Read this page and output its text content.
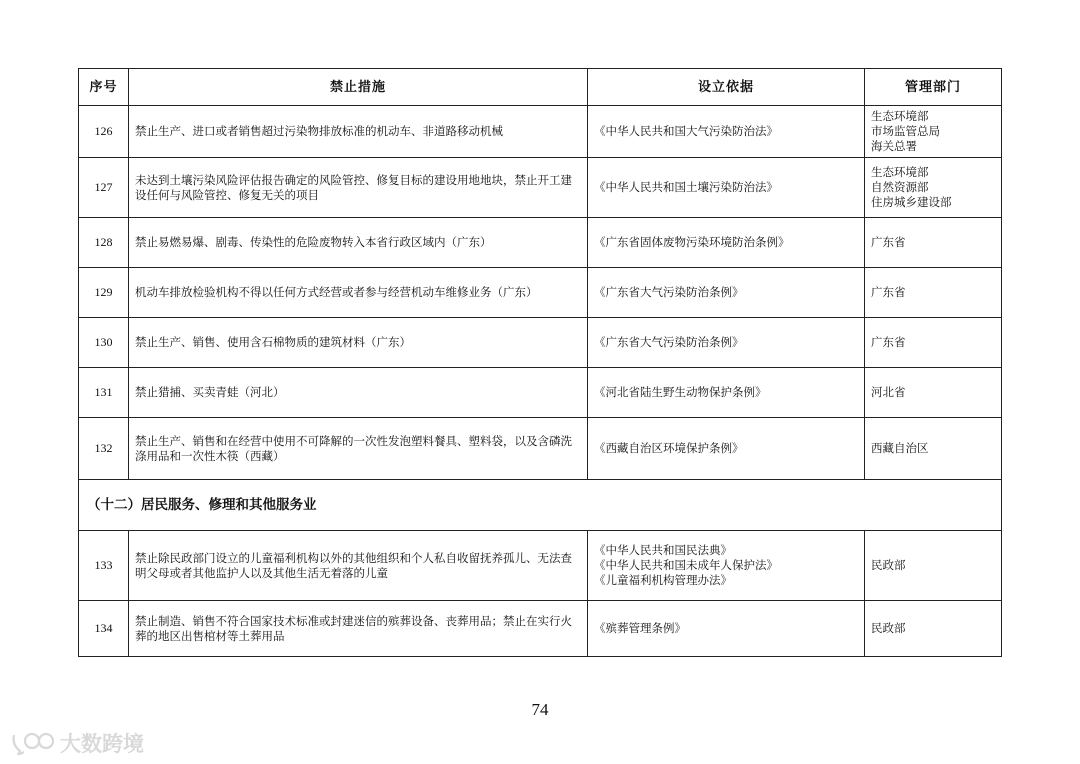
序号	禁止措施	设立依据	管理部门
126	禁止生产、进口或者销售超过污染物排放标准的机动车、非道路移动机械	《中华人民共和国大气污染防治法》	生态环境部
市场监管总局
海关总署

127	未达到土壤污染风险评估报告确定的风险管控、修复目标的建设用地地块，禁止开工建设任何与风险管控、修复无关的项目	《中华人民共和国土壤污染防治法》	生态环境部
自然资源部
住房城乡建设部

128	禁止易燃易爆、剧毒、传染性的危险废物转入本省行政区域内（广东）	《广东省固体废物污染环境防治条例》	广东省

129	机动车排放检验机构不得以任何方式经营或者参与经营机动车维修业务（广东）	《广东省大气污染防治条例》	广东省

130	禁止生产、销售、使用含石棉物质的建筑材料（广东）	《广东省大气污染防治条例》	广东省

131	禁止猎捕、买卖青蛙（河北）	《河北省陆生野生动物保护条例》	河北省

132	禁止生产、销售和在经营中使用不可降解的一次性发泡塑料餐具、塑料袋，以及含磷洗涤用品和一次性木筷（西藏）	《西藏自治区环境保护条例》	西藏自治区

（十二）居民服务、修理和其他服务业			
133	禁止除民政部门设立的儿童福利机构以外的其他组织和个人私自收留抚养孤儿、无法查明父母或者其他监护人以及其他生活无着落的儿童	《中华人民共和国民法典》
《中华人民共和国未成年人保护法》
《儿童福利机构管理办法》	民政部

134	禁止制造、销售不符合国家技术标准或封建迷信的殡葬设备、丧葬用品；禁止在实行火葬的地区出售棺材等土葬用品	《殡葬管理条例》	民政部
74
大数跨境
